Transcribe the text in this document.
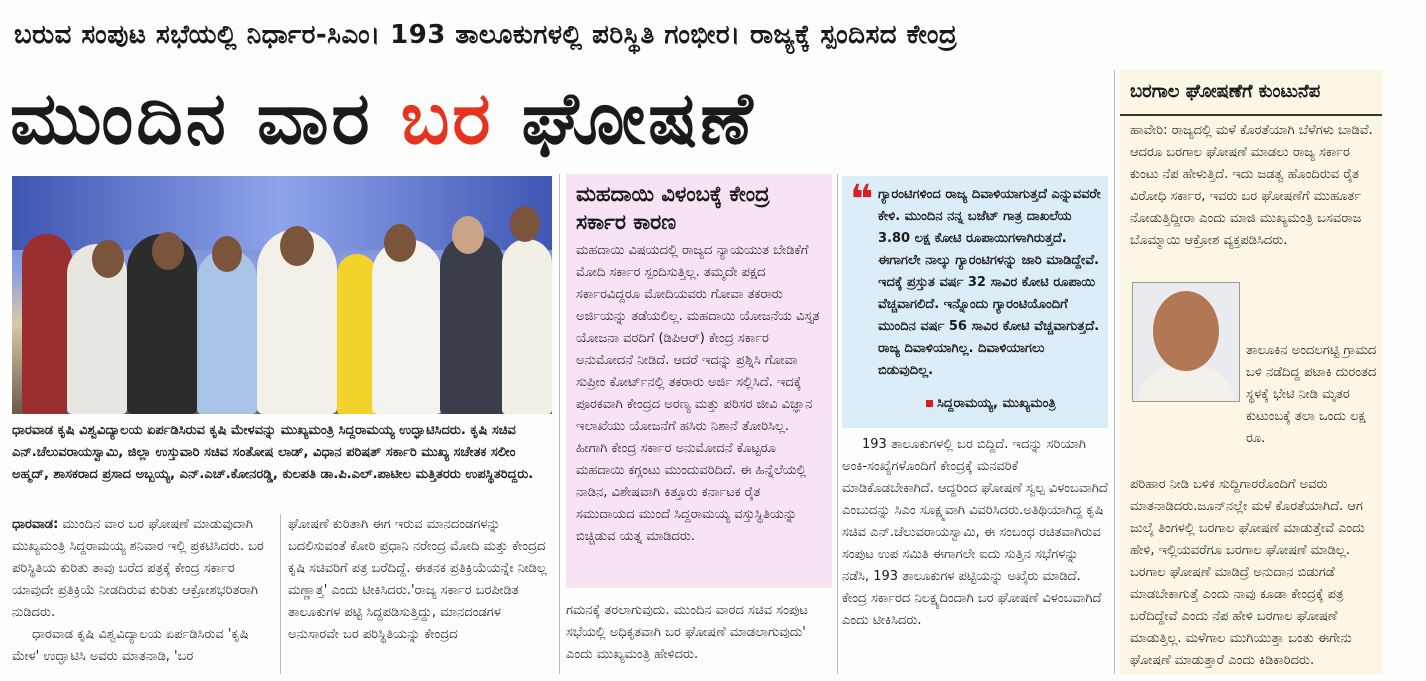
ಬರುವ ಸಂಪುಟ ಸಭೆಯಲ್ಲಿ ನಿರ್ಧಾರ-ಸಿಎಂ। 193 ತಾಲೂಕುಗಳಲ್ಲಿ ಪರಿಸ್ಥಿತಿ ಗಂಭೀರ। ರಾಜ್ಯಕ್ಕೆ ಸ್ಪಂದಿಸದ ಕೇಂದ್ರ
ಮುಂದಿನ ವಾರ ಬರ ಘೋಷಣೆ
ಧಾರವಾಡ ಕೃಷಿ ವಿಶ್ವವಿದ್ಯಾಲಯ ಏರ್ಪಡಿಸಿರುವ ಕೃಷಿ ಮೇಳವನ್ನು ಮುಖ್ಯಮಂತ್ರಿ ಸಿದ್ದರಾಮಯ್ಯ ಉದ್ಘಾಟಿಸಿದರು. ಕೃಷಿ ಸಚಿವ ಎನ್.ಚೆಲುವರಾಯಸ್ವಾಮಿ, ಜಿಲ್ಲಾ ಉಸ್ತುವಾರಿ ಸಚಿವ ಸಂತೋಷ ಲಾಡ್, ವಿಧಾನ ಪರಿಷತ್ ಸರ್ಕಾರಿ ಮುಖ್ಯ ಸಚೇತಕ ಸಲೀಂ ಅಹ್ಮದ್, ಶಾಸಕರಾದ ಪ್ರಸಾದ ಅಬ್ಬಯ್ಯ, ಎನ್.ಎಚ್.ಕೋನರಡ್ಡಿ, ಕುಲಪತಿ ಡಾ.ಪಿ.ಎಲ್.ಪಾಟೀಲ ಮತ್ತಿತರರು ಉಪಸ್ಥಿತರಿದ್ದರು.

ಧಾರವಾಡ: ಮುಂದಿನ ವಾರ ಬರ ಘೋಷಣೆ ಮಾಡುವುದಾಗಿ ಮುಖ್ಯಮಂತ್ರಿ ಸಿದ್ದರಾಮಯ್ಯ ಶನಿವಾರ ಇಲ್ಲಿ ಪ್ರಕಟಿಸಿದರು. ಬರ ಪರಿಸ್ಥಿತಿಯ ಕುರಿತು ತಾವು ಬರೆದ ಪತ್ರಕ್ಕೆ ಕೇಂದ್ರ ಸರ್ಕಾರ ಯಾವುದೇ ಪ್ರತಿಕ್ರಿಯೆ ನೀಡದಿರುವ ಕುರಿತು ಆಕ್ರೋಶಭರಿತರಾಗಿ ನುಡಿದರು.

ಧಾರವಾಡ ಕೃಷಿ ವಿಶ್ವವಿದ್ಯಾಲಯ ಏರ್ಪಡಿಸಿರುವ 'ಕೃಷಿ ಮೇಳ' ಉದ್ಘಾಟಿಸಿ ಅವರು ಮಾತನಾಡಿ, 'ಬರ

ಘೋಷಣೆ ಕುರಿತಾಗಿ ಈಗ ಇರುವ ಮಾನದಂಡಗಳನ್ನು ಬದಲಿಸುವಂತೆ ಕೋರಿ ಪ್ರಧಾನಿ ನರೇಂದ್ರ ಮೋದಿ ಮತ್ತು ಕೇಂದ್ರದ ಕೃಷಿ ಸಚಿವರಿಗೆ ಪತ್ರ ಬರೆದಿದ್ದೆ. ಈತನಕ ಪ್ರತಿಕ್ರಿಯೆಯನ್ನೇ ನೀಡಿಲ್ಲ ಮಣ್ಣಾತ್ತ' ಎಂದು ಟೀಕಿಸಿದರು.'ರಾಜ್ಯ ಸರ್ಕಾರ ಬರಪೀಡಿತ ತಾಲೂಕುಗಳ ಪಟ್ಟಿ ಸಿದ್ಧಪಡಿಸುತ್ತಿದ್ದು, ಮಾನದಂಡಗಳ ಅನುಸಾರವೇ ಬರ ಪರಿಸ್ಥಿತಿಯನ್ನು ಕೇಂದ್ರದ

ಮಹದಾಯಿ ವಿಳಂಬಕ್ಕೆ ಕೇಂದ್ರ ಸರ್ಕಾರ ಕಾರಣ
ಮಹದಾಯಿ ವಿಷಯದಲ್ಲಿ ರಾಜ್ಯದ ನ್ಯಾಯಯುತ ಬೇಡಿಕೆಗೆ ಮೋದಿ ಸರ್ಕಾರ ಸ್ಪಂದಿಸುತ್ತಿಲ್ಲ. ತಮ್ಮದೇ ಪಕ್ಷದ ಸರ್ಕಾರವಿದ್ದರೂ ಮೋದಿಯವರು ಗೋವಾ ತಕರಾರು ಅರ್ಜಿಯನ್ನು ತಡೆಯಲಿಲ್ಲ. ಮಹದಾಯಿ ಯೋಜನೆಯ ವಿಸ್ತೃತ ಯೋಜನಾ ವರದಿಗೆ (ಡಿಪಿಆರ್) ಕೇಂದ್ರ ಸರ್ಕಾರ ಅನುಮೋದನೆ ನೀಡಿದೆ. ಆದರೆ ಇದನ್ನು ಪ್ರಶ್ನಿಸಿ ಗೋವಾ ಸುಪ್ರೀಂ ಕೋರ್ಟ್‌ನಲ್ಲಿ ತಕರಾರು ಅರ್ಜಿ ಸಲ್ಲಿಸಿದೆ. ಇದಕ್ಕೆ ಪೂರಕವಾಗಿ ಕೇಂದ್ರದ ಅರಣ್ಯ ಮತ್ತು ಪರಿಸರ ಜೀವಿ ವಿಜ್ಞಾನ ಇಲಾಖೆಯು ಯೋಜನೆಗೆ ಹಸಿರು ನಿಶಾನೆ ತೋರಿಸಿಲ್ಲ. ಹೀಗಾಗಿ ಕೇಂದ್ರ ಸರ್ಕಾರ ಅನುಮೋದನೆ ಕೊಟ್ಟರೂ ಮಹದಾಯಿ ಕಗ್ಗಂಟು ಮುಂದುವರಿದಿದೆ. ಈ ಹಿನ್ನೆಲೆಯಲ್ಲಿ ನಾಡಿನ, ವಿಶೇಷವಾಗಿ ಕಿತ್ತೂರು ಕರ್ನಾಟಕ ರೈತ ಸಮುದಾಯದ ಮುಂದೆ ಸಿದ್ದರಾಮಯ್ಯ ವಸ್ತುಸ್ಥಿತಿಯನ್ನು ಬಿಚ್ಚಿಡುವ ಯತ್ನ ಮಾಡಿದರು.

ಗಮನಕ್ಕೆ ತರಲಾಗುವುದು. ಮುಂದಿನ ವಾರದ ಸಚಿವ ಸಂಪುಟ ಸಭೆಯಲ್ಲಿ ಅಧಿಕೃತವಾಗಿ ಬರ ಘೋಷಣೆ ಮಾಡಲಾಗುವುದು' ಎಂದು ಮುಖ್ಯಮಂತ್ರಿ ಹೇಳಿದರು.

❝ ಗ್ಯಾರಂಟಿಗಳಿಂದ ರಾಜ್ಯ ದಿವಾಳಿಯಾಗುತ್ತದೆ ಎನ್ನುವವರೇ ಕೇಳಿ. ಮುಂದಿನ ನನ್ನ ಬಜೆಟ್ ಗಾತ್ರ ದಾಖಲೆಯ 3.80 ಲಕ್ಷ ಕೋಟಿ ರೂಪಾಯಿಗಳಾಗಿರುತ್ತದೆ. ಈಗಾಗಲೇ ನಾಲ್ಕು ಗ್ಯಾರಂಟಿಗಳನ್ನು ಜಾರಿ ಮಾಡಿದ್ದೇವೆ. ಇದಕ್ಕೆ ಪ್ರಸ್ತುತ ವರ್ಷ 32 ಸಾವಿರ ಕೋಟಿ ರೂಪಾಯಿ ವೆಚ್ಚವಾಗಲಿದೆ. ಇನ್ನೊಂದು ಗ್ಯಾರಂಟಿಯೊಂದಿಗೆ ಮುಂದಿನ ವರ್ಷ 56 ಸಾವಿರ ಕೋಟಿ ವೆಚ್ಚವಾಗುತ್ತದೆ. ರಾಜ್ಯ ದಿವಾಳಿಯಾಗಿಲ್ಲ. ದಿವಾಳಿಯಾಗಲು ಬಿಡುವುದಿಲ್ಲ.
ಸಿದ್ದರಾಮಯ್ಯ, ಮುಖ್ಯಮಂತ್ರಿ

193 ತಾಲೂಕುಗಳಲ್ಲಿ ಬರ ಬಿದ್ದಿದೆ. ಇದನ್ನು ಸರಿಯಾಗಿ ಅಂಕಿ-ಸಂಖ್ಯೆಗಳೊಂದಿಗೆ ಕೇಂದ್ರಕ್ಕೆ ಮನವರಿಕೆ ಮಾಡಿಕೊಡಬೇಕಾಗಿದೆ. ಆದ್ದರಿಂದ ಘೋಷಣೆ ಸ್ವಲ್ಪ ವಿಳಂಬವಾಗಿದೆ ಎಂಬುದನ್ನು ಸಿಎಂ ಸೂಕ್ಷ್ಮವಾಗಿ ವಿವರಿಸಿದರು.ಅತಿಥಿಯಾಗಿದ್ದ ಕೃಷಿ ಸಚಿವ ಎನ್.ಚೆಲುವರಾಯಸ್ವಾಮಿ, ಈ ಸಂಬಂಧ ರಚಿತವಾಗಿರುವ ಸಂಪುಟ ಉಪ ಸಮಿತಿ ಈಗಾಗಲೇ ಐದು ಸುತ್ತಿನ ಸಭೆಗಳನ್ನು ನಡೆಸಿ, 193 ತಾಲೂಕುಗಳ ಪಟ್ಟಿಯನ್ನು ಅಖೈರು ಮಾಡಿದೆ. ಕೇಂದ್ರ ಸರ್ಕಾರದ ನಿಲಕ್ಷ್ಯದಿಂದಾಗಿ ಬರ ಘೋಷಣೆ ವಿಳಂಬವಾಗಿದೆ ಎಂದು ಟೀಕಿಸಿದರು.

ಬರಗಾಲ ಘೋಷಣೆಗೆ ಕುಂಟುನೆಪ
ಹಾವೇರಿ: ರಾಜ್ಯದಲ್ಲಿ ಮಳೆ ಕೊರತೆಯಾಗಿ ಬೆಳೆಗಳು ಬಾಡಿವೆ. ಆದರೂ ಬರಗಾಲ ಘೋಷಣೆ ಮಾಡಲು ರಾಜ್ಯ ಸರ್ಕಾರ ಕುಂಟು ನೆಪ ಹೇಳುತ್ತಿದೆ. ಇದು ಜಡತ್ವ ಹೊಂದಿರುವ ರೈತ ವಿರೋಧಿ ಸರ್ಕಾರ, ಇವರು ಬರ ಘೋಷಣೆಗೆ ಮುಹೂರ್ತ ನೋಡುತ್ತಿದ್ದೀರಾ ಎಂದು ಮಾಜಿ ಮುಖ್ಯಮಂತ್ರಿ ಬಸವರಾಜ ಬೊಮ್ಮಾಯಿ ಆಕ್ರೋಶ ವ್ಯಕ್ತಪಡಿಸಿದರು.
ತಾಲೂಕಿನ ಅಂದಲಗಟ್ಟಿ ಗ್ರಾಮದ ಬಳಿ ನಡೆದಿದ್ದ ಪಟಾಕಿ ದುರಂತದ ಸ್ಥಳಕ್ಕೆ ಭೇಟಿ ನೀಡಿ ಮೃತರ ಕುಟುಂಬಕ್ಕೆ ತಲಾ ಒಂದು ಲಕ್ಷ ರೂ.
ಪರಿಹಾರ ನೀಡಿ ಬಳಿಕ ಸುದ್ದಿಗಾರರೊಂದಿಗೆ ಅವರು ಮಾತನಾಡಿದರು.ಜೂನ್‌ನಲ್ಲೇ ಮಳೆ ಕೊರತೆಯಾಗಿದೆ. ಆಗ ಜುಲೈ ತಿಂಗಳಲ್ಲಿ ಬರಗಾಲ ಘೋಷಣೆ ಮಾಡುತ್ತೇವೆ ಎಂದು ಹೇಳಿ, ಇಲ್ಲಿಯವರೆಗೂ ಬರಗಾಲ ಘೋಷಣೆ ಮಾಡಿಲ್ಲ. ಬರಗಾಲ ಘೋಷಣೆ ಮಾಡಿದ್ರೆ ಅನುದಾನ ಬಿಡುಗಡೆ ಮಾಡಬೇಕಾಗುತ್ತೆ ಎಂದು ನಾವು ಕೂಡಾ ಕೇಂದ್ರಕ್ಕೆ ಪತ್ರ ಬರೆದಿದ್ದೇವೆ ಎಂದು ನೆಪ ಹೇಳಿ ಬರಗಾಲ ಘೋಷಣೆ ಮಾಡುತ್ತಿಲ್ಲ. ಮಳೆಗಾಲ ಮುಗಿಯುತ್ತಾ ಬಂತು ಈಗೇನು ಘೋಷಣೆ ಮಾಡುತ್ತಾರೆ ಎಂದು ಕಿಡಿಕಾರಿದರು.
